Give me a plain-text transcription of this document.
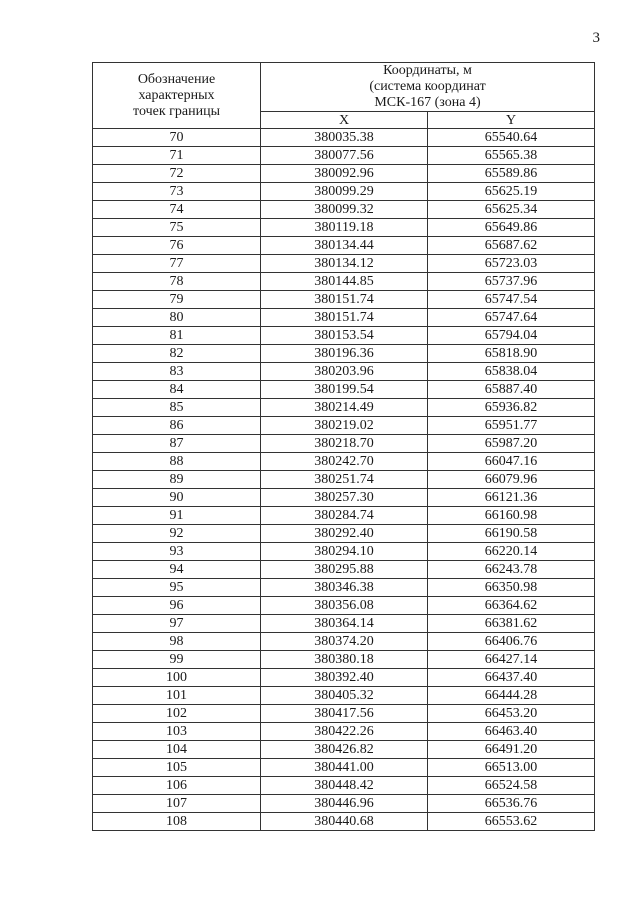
3
Обозначение
характерных
точек границы	Координаты, м
(система координат
МСК-167 (зона 4)	

	X	Y
70	380035.38	65540.64
71	380077.56	65565.38
72	380092.96	65589.86
73	380099.29	65625.19
74	380099.32	65625.34
75	380119.18	65649.86
76	380134.44	65687.62
77	380134.12	65723.03
78	380144.85	65737.96
79	380151.74	65747.54
80	380151.74	65747.64
81	380153.54	65794.04
82	380196.36	65818.90
83	380203.96	65838.04
84	380199.54	65887.40
85	380214.49	65936.82
86	380219.02	65951.77
87	380218.70	65987.20
88	380242.70	66047.16
89	380251.74	66079.96
90	380257.30	66121.36
91	380284.74	66160.98
92	380292.40	66190.58
93	380294.10	66220.14
94	380295.88	66243.78
95	380346.38	66350.98
96	380356.08	66364.62
97	380364.14	66381.62
98	380374.20	66406.76
99	380380.18	66427.14
100	380392.40	66437.40
101	380405.32	66444.28
102	380417.56	66453.20
103	380422.26	66463.40
104	380426.82	66491.20
105	380441.00	66513.00
106	380448.42	66524.58
107	380446.96	66536.76
108	380440.68	66553.62
